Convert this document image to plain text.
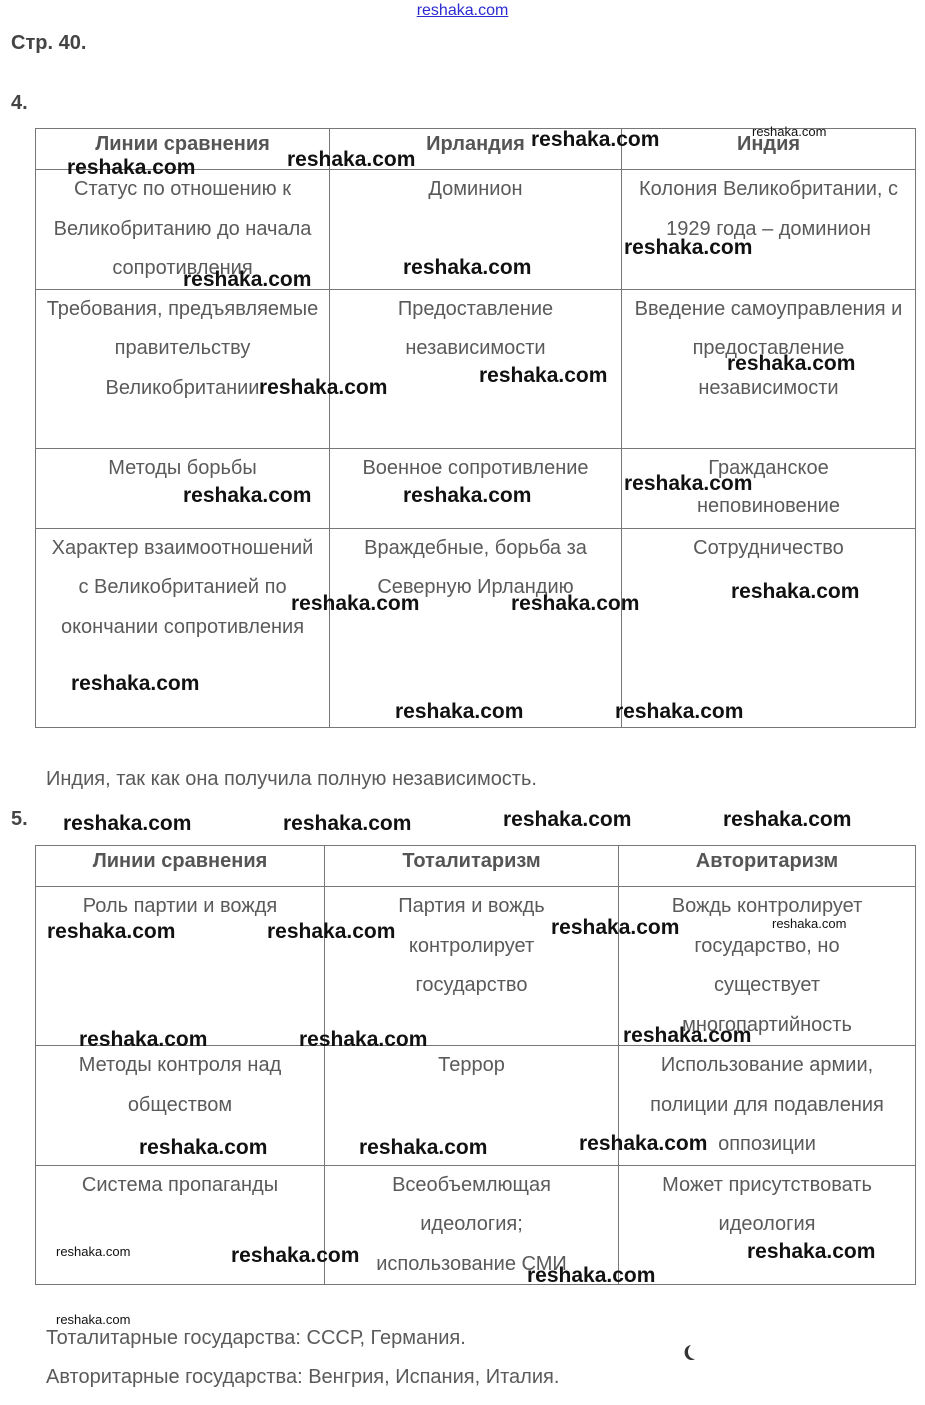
reshaka.com
Стр. 40.
4.
Линии сравнения	Ирландия	Индия
Статус по отношению к Великобританию до начала сопротивления	Доминион	Колония Великобритании, с 1929 года – доминион
Требования, предъявляемые правительству Великобритании	Предоставление независимости	Введение самоуправления и предоставление независимости
Методы борьбы	Военное сопротивление	Гражданское неповиновение
Характер взаимоотношений с Великобританией по окончании сопротивления	Враждебные, борьба за Северную Ирландию	Сотрудничество
Индия, так как она получила полную независимость.
5.
Линии сравнения	Тоталитаризм	Авторитаризм
Роль партии и вождя	Партия и вождь контролирует государство	Вождь контролирует государство, но существует многопартийность
Методы контроля над обществом	Террор	Использование армии, полиции для подавления оппозиции
Система пропаганды	Всеобъемлющая идеология; использование СМИ	Может присутствовать идеология
Тоталитарные государства: СССР, Германия.
Авторитарные государства: Венгрия, Испания, Италия.
reshaka.com	reshaka.com
reshaka.com	reshaka.com
reshaka.com
reshaka.com
reshaka.com
reshaka.com
reshaka.com
reshaka.com
reshaka.com
reshaka.com	reshaka.com
reshaka.com
reshaka.com	reshaka.com
reshaka.com
reshaka.com	reshaka.com
reshaka.com	reshaka.com	reshaka.com	reshaka.com
reshaka.com
reshaka.com	reshaka.com	reshaka.com
reshaka.com	reshaka.com	reshaka.com
reshaka.com	reshaka.com	reshaka.com
reshaka.com	reshaka.com	reshaka.com
reshaka.com
reshaka.com
